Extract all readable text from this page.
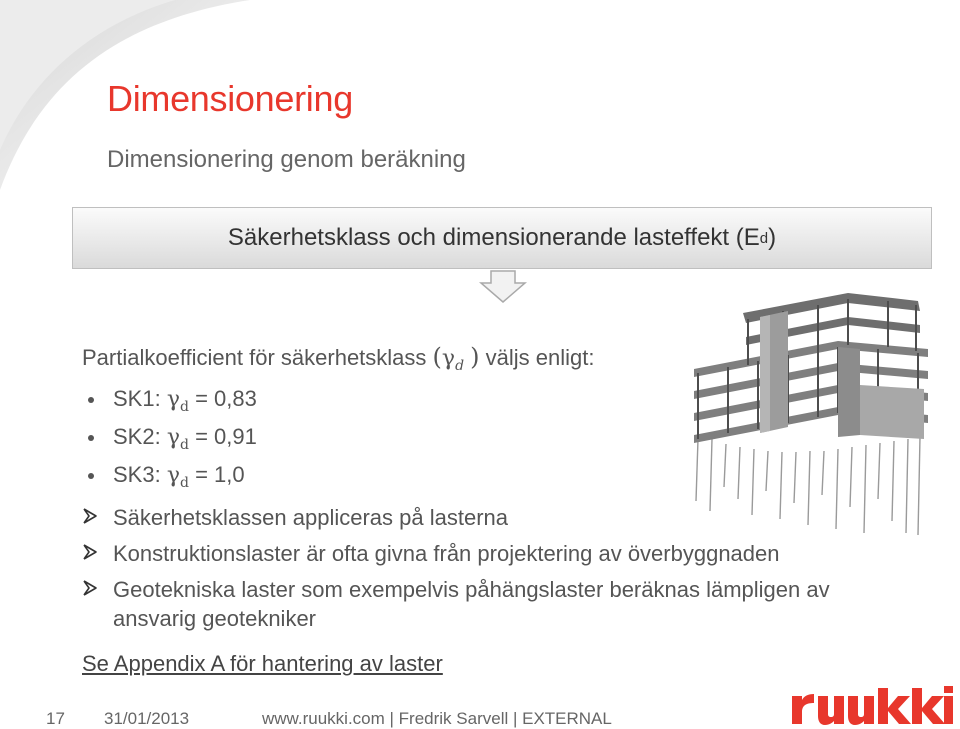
Dimensionering
Dimensionering genom beräkning
Säkerhetsklass och dimensionerande lasteffekt (E d )
Partialkoefficient för säkerhetsklass ($\gamma_d$ ) väljs enligt:
SK1: $\gamma_d = 0,83$
SK2: $\gamma_d = 0,91$
SK3: $\gamma_d = 1,0$
Säkerhetsklassen appliceras på lasterna
Konstruktionslaster är ofta givna från projektering av överbyggnaden
Geotekniska laster som exempelvis påhängslaster beräknas lämpligen av
ansvarig geotekniker
Se Appendix A för hantering av laster
17 31/01/2013	www.ruukki.com | Fredrik Sarvell | EXTERNAL
